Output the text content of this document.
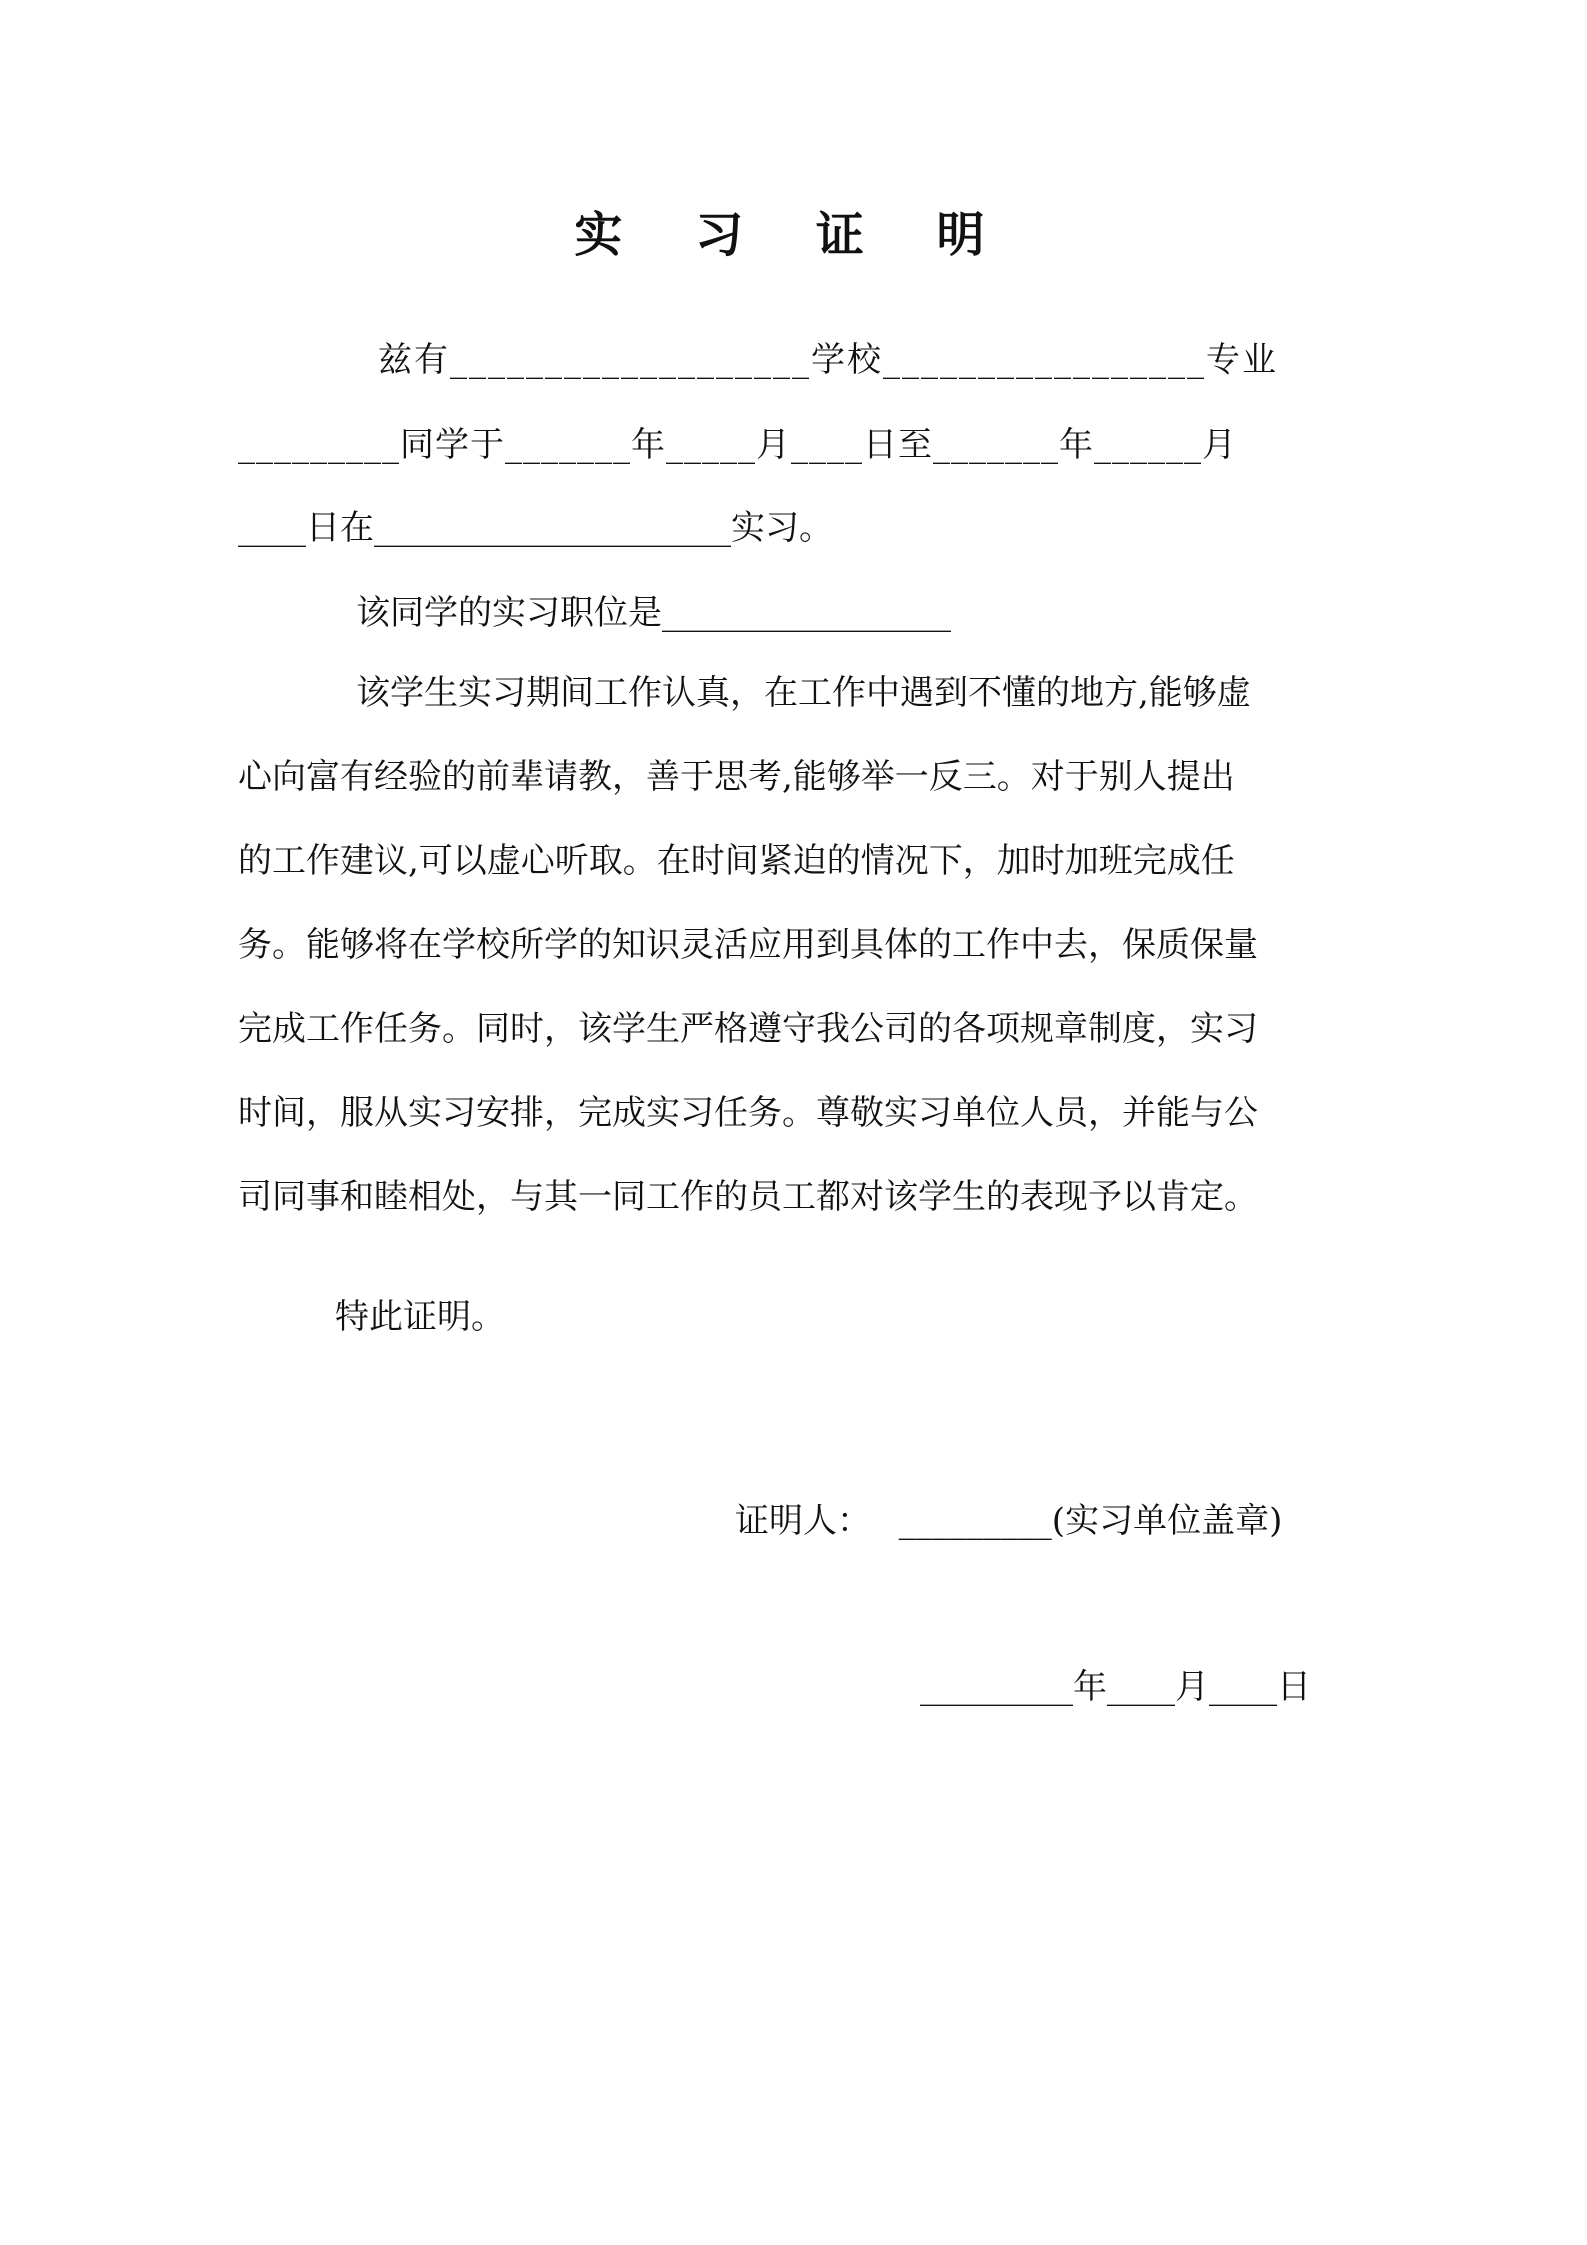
实 习 证 明
兹有___________________学校_________________专业
_________同学于_______年_____月____日至_______年______月
____日在_____________________实习。
该同学的实习职位是_________________
该学生实习期间工作认真，在工作中遇到不懂的地方,能够虚
心向富有经验的前辈请教，善于思考,能够举一反三。对于别人提出
的工作建议,可以虚心听取。在时间紧迫的情况下，加时加班完成任
务。能够将在学校所学的知识灵活应用到具体的工作中去，保质保量
完成工作任务。同时，该学生严格遵守我公司的各项规章制度，实习
时间，服从实习安排，完成实习任务。尊敬实习单位人员，并能与公
司同事和睦相处，与其一同工作的员工都对该学生的表现予以肯定。
特此证明。
证明人：　 _________(实习单位盖章)
_________年____月____日
